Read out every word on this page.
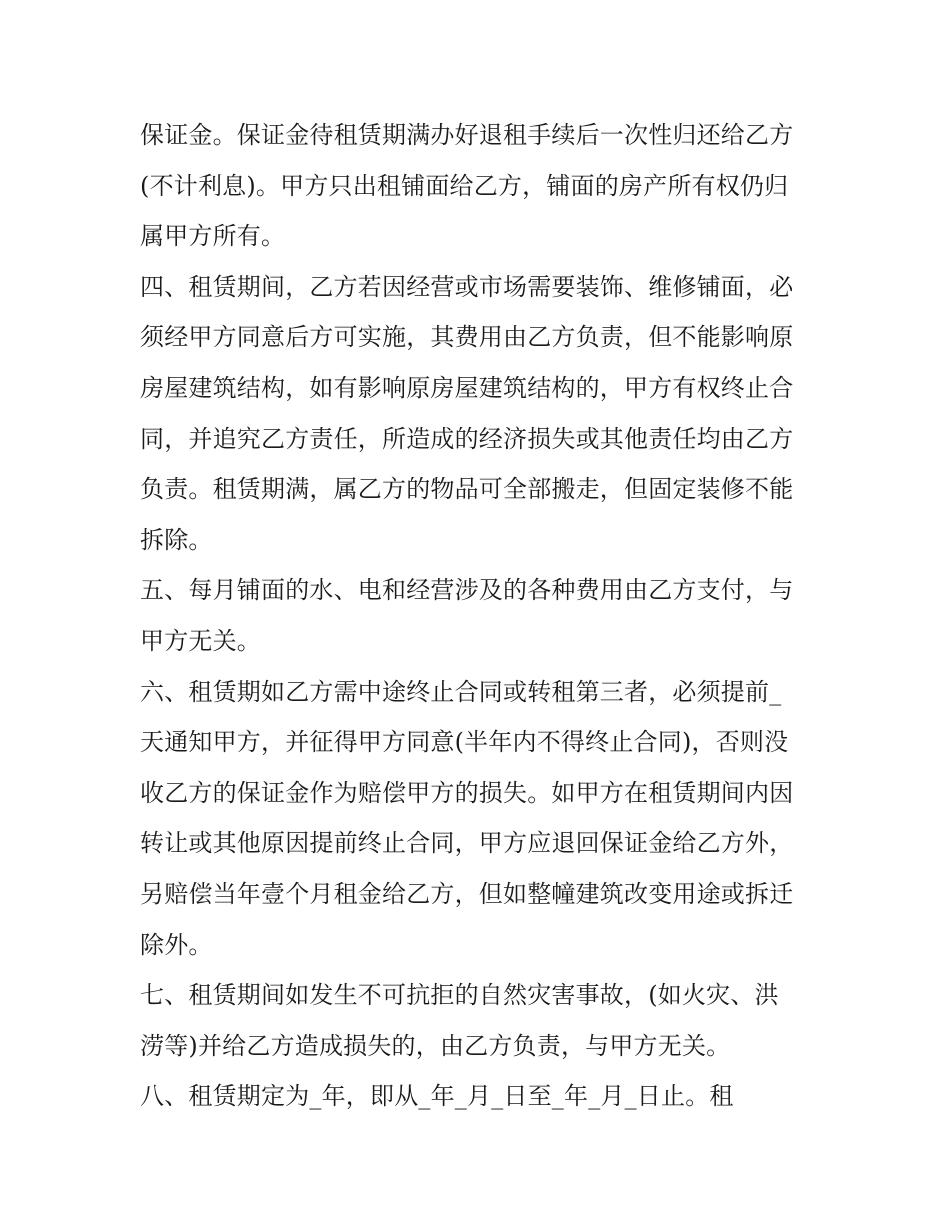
保证金。保证金待租赁期满办好退租手续后一次性归还给乙方
(不计利息)。甲方只出租铺面给乙方，铺面的房产所有权仍归
属甲方所有。
四、租赁期间，乙方若因经营或市场需要装饰、维修铺面，必
须经甲方同意后方可实施，其费用由乙方负责，但不能影响原
房屋建筑结构，如有影响原房屋建筑结构的，甲方有权终止合
同，并追究乙方责任，所造成的经济损失或其他责任均由乙方
负责。租赁期满，属乙方的物品可全部搬走，但固定装修不能
拆除。
五、每月铺面的水、电和经营涉及的各种费用由乙方支付，与
甲方无关。
六、租赁期如乙方需中途终止合同或转租第三者，必须提前_
天通知甲方，并征得甲方同意(半年内不得终止合同)，否则没
收乙方的保证金作为赔偿甲方的损失。如甲方在租赁期间内因
转让或其他原因提前终止合同，甲方应退回保证金给乙方外，
另赔偿当年壹个月租金给乙方，但如整幢建筑改变用途或拆迁
除外。
七、租赁期间如发生不可抗拒的自然灾害事故，(如火灾、洪
涝等)并给乙方造成损失的，由乙方负责，与甲方无关。
八、租赁期定为_年，即从_年_月_日至_年_月_日止。租
